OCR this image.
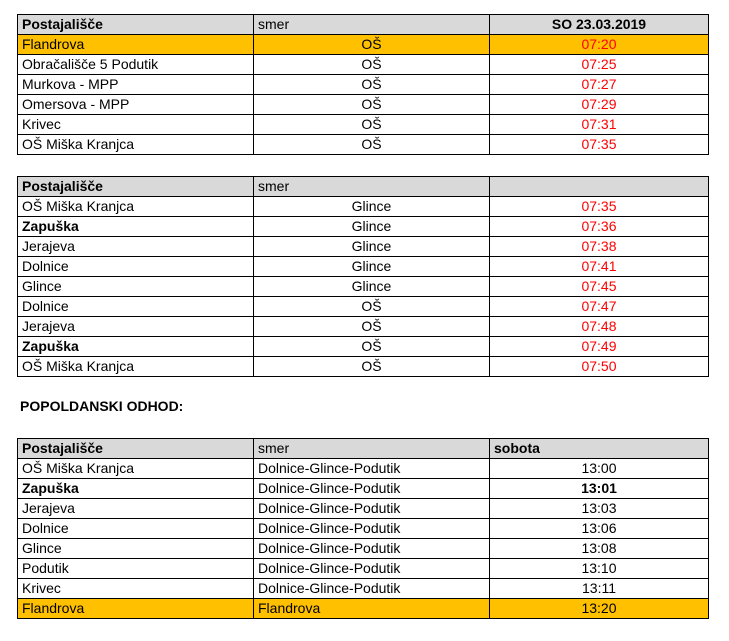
Postajališče	smer	SO 23.03.2019
Flandrova	OŠ	07:20
Obračališče 5 Podutik	OŠ	07:25
Murkova - MPP	OŠ	07:27
Omersova - MPP	OŠ	07:29
Krivec	OŠ	07:31
OŠ Miška Kranjca	OŠ	07:35
Postajališče	smer	
OŠ Miška Kranjca	Glince	07:35
Zapuška	Glince	07:36
Jerajeva	Glince	07:38
Dolnice	Glince	07:41
Glince	Glince	07:45
Dolnice	OŠ	07:47
Jerajeva	OŠ	07:48
Zapuška	OŠ	07:49
OŠ Miška Kranjca	OŠ	07:50
POPOLDANSKI ODHOD:
Postajališče	smer	sobota
OŠ Miška Kranjca	Dolnice-Glince-Podutik	13:00
Zapuška	Dolnice-Glince-Podutik	13:01
Jerajeva	Dolnice-Glince-Podutik	13:03
Dolnice	Dolnice-Glince-Podutik	13:06
Glince	Dolnice-Glince-Podutik	13:08
Podutik	Dolnice-Glince-Podutik	13:10
Krivec	Dolnice-Glince-Podutik	13:11
Flandrova	Flandrova	13:20
